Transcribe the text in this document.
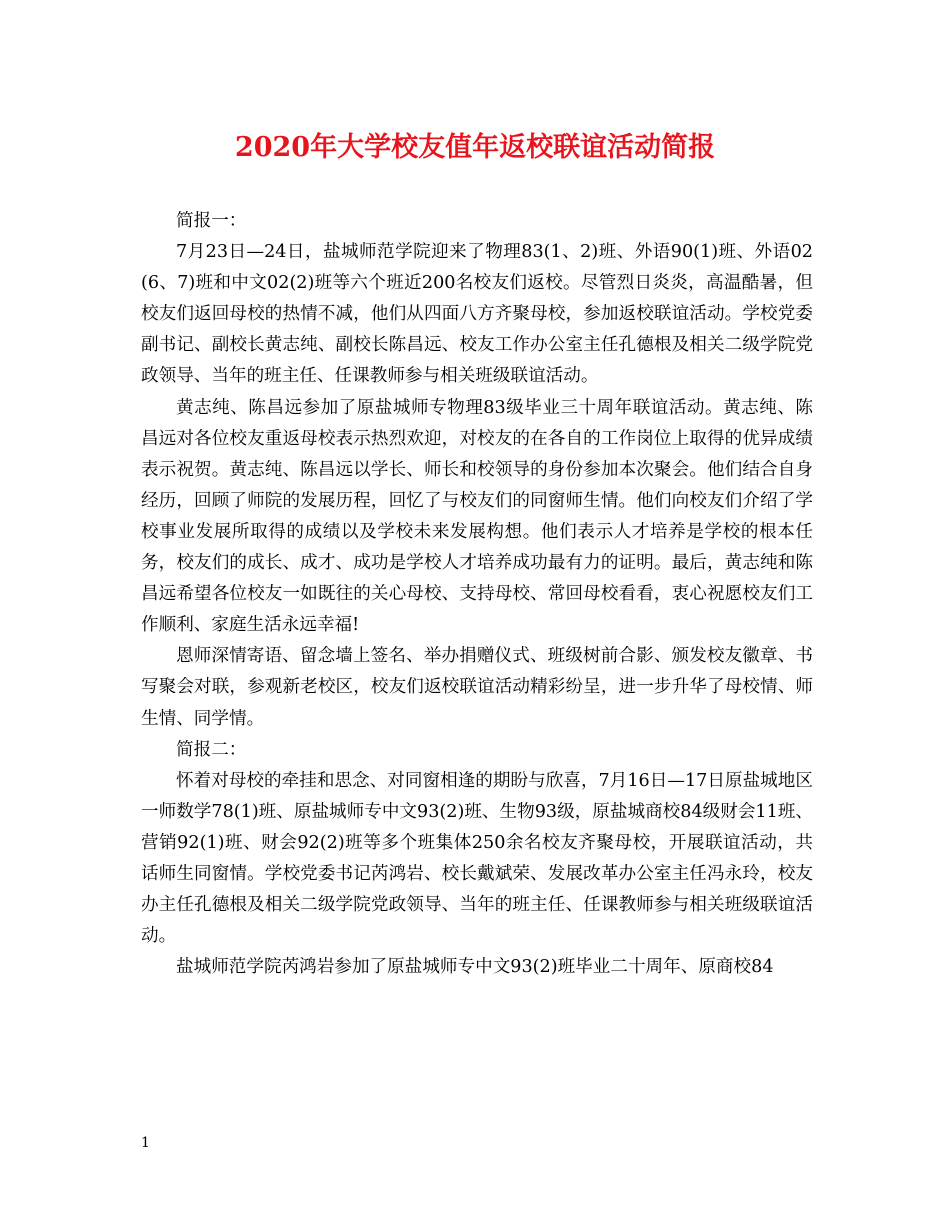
2020年大学校友值年返校联谊活动简报

简报一：

7月23日—24日，盐城师范学院迎来了物理83(1、2)班、外语90(1)班、外语02(6、7)班和中文02(2)班等六个班近200名校友们返校。尽管烈日炎炎，高温酷暑，但校友们返回母校的热情不减，他们从四面八方齐聚母校，参加返校联谊活动。学校党委副书记、副校长黄志纯、副校长陈昌远、校友工作办公室主任孔德根及相关二级学院党政领导、当年的班主任、任课教师参与相关班级联谊活动。

黄志纯、陈昌远参加了原盐城师专物理83级毕业三十周年联谊活动。黄志纯、陈昌远对各位校友重返母校表示热烈欢迎，对校友的在各自的工作岗位上取得的优异成绩表示祝贺。黄志纯、陈昌远以学长、师长和校领导的身份参加本次聚会。他们结合自身经历，回顾了师院的发展历程，回忆了与校友们的同窗师生情。他们向校友们介绍了学校事业发展所取得的成绩以及学校未来发展构想。他们表示人才培养是学校的根本任务，校友们的成长、成才、成功是学校人才培养成功最有力的证明。最后，黄志纯和陈昌远希望各位校友一如既往的关心母校、支持母校、常回母校看看，衷心祝愿校友们工作顺利、家庭生活永远幸福!

恩师深情寄语、留念墙上签名、举办捐赠仪式、班级树前合影、颁发校友徽章、书写聚会对联，参观新老校区，校友们返校联谊活动精彩纷呈，进一步升华了母校情、师生情、同学情。

简报二：

怀着对母校的牵挂和思念、对同窗相逢的期盼与欣喜，7月16日—17日原盐城地区一师数学78(1)班、原盐城师专中文93(2)班、生物93级，原盐城商校84级财会11班、营销92(1)班、财会92(2)班等多个班集体250余名校友齐聚母校，开展联谊活动，共话师生同窗情。学校党委书记芮鸿岩、校长戴斌荣、发展改革办公室主任冯永玲，校友办主任孔德根及相关二级学院党政领导、当年的班主任、任课教师参与相关班级联谊活动。

盐城师范学院芮鸿岩参加了原盐城师专中文93(2)班毕业二十周年、原商校84

1
